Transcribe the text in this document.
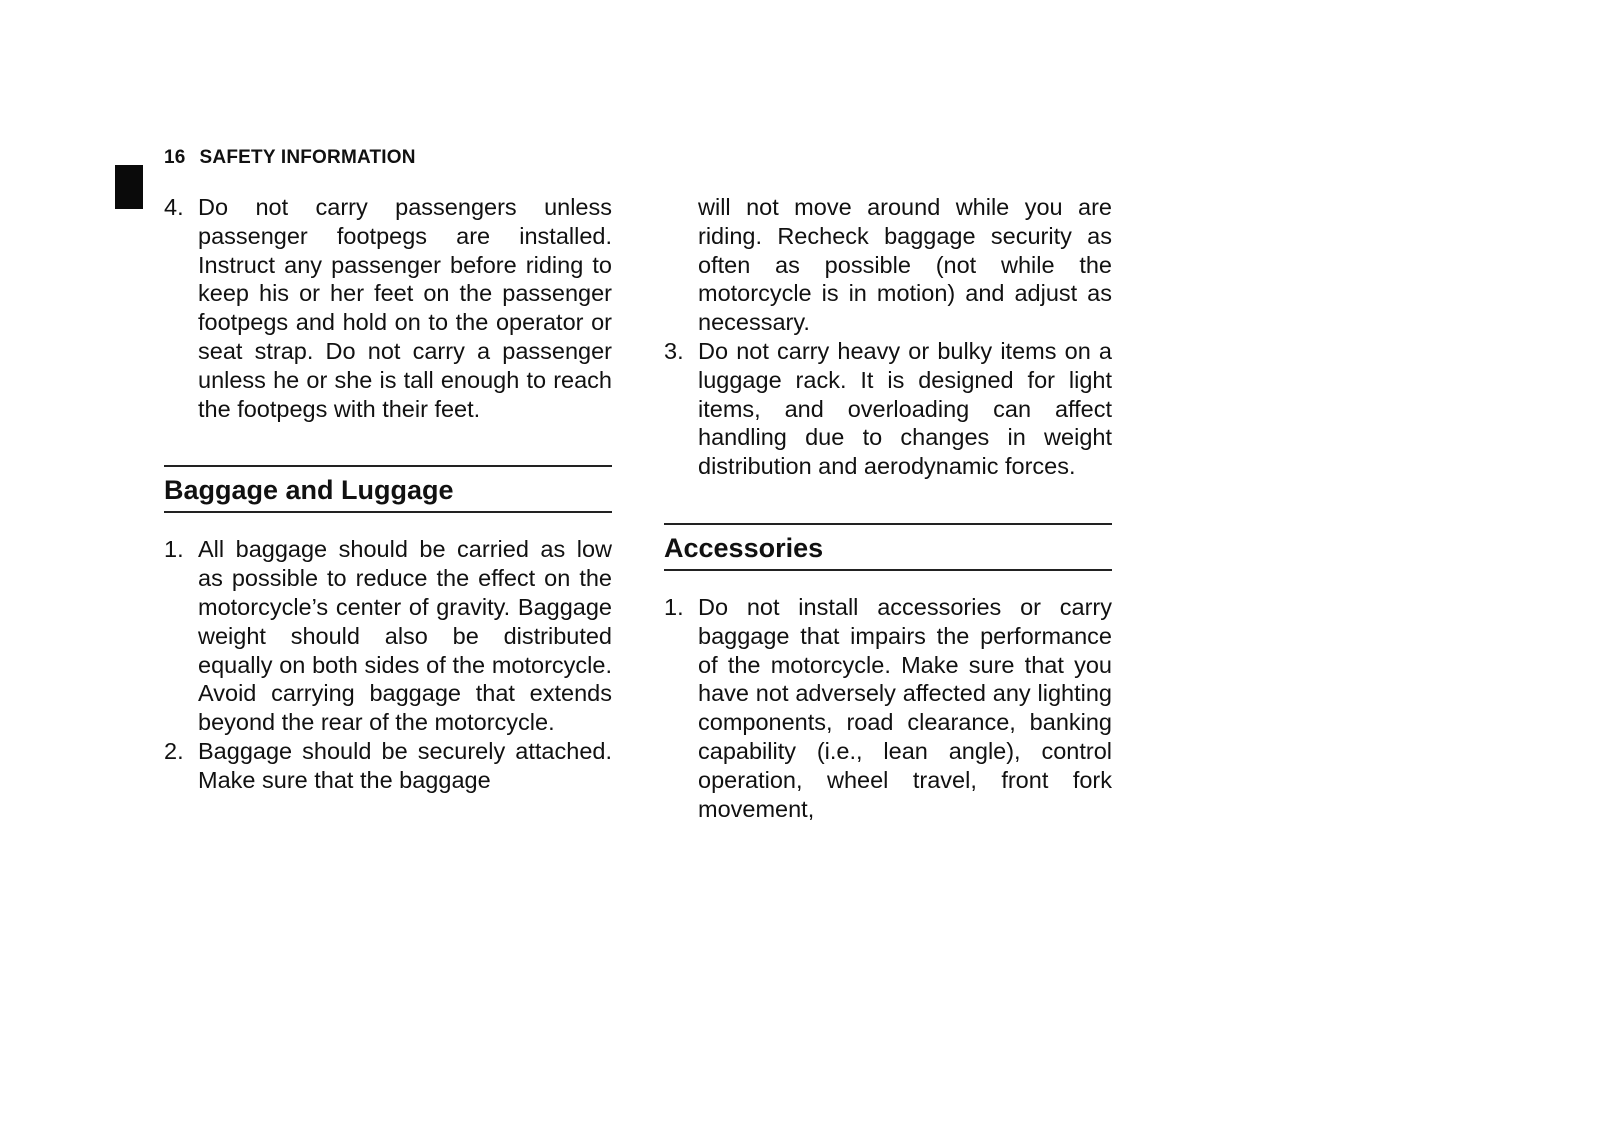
16 SAFETY INFORMATION

4. Do not carry passengers unless passenger footpegs are installed. Instruct any passenger before riding to keep his or her feet on the passenger footpegs and hold on to the operator or seat strap. Do not carry a passenger unless he or she is tall enough to reach the footpegs with their feet.

Baggage and Luggage

1. All baggage should be carried as low as possible to reduce the effect on the motorcycle’s center of gravity. Baggage weight should also be distributed equally on both sides of the motorcycle. Avoid carrying baggage that extends beyond the rear of the motorcycle.

2. Baggage should be securely attached. Make sure that the baggage

will not move around while you are riding. Recheck baggage security as often as possible (not while the motorcycle is in motion) and adjust as necessary.

3. Do not carry heavy or bulky items on a luggage rack. It is designed for light items, and overloading can affect handling due to changes in weight distribution and aerodynamic forces.

Accessories

1. Do not install accessories or carry baggage that impairs the performance of the motorcycle. Make sure that you have not adversely affected any lighting components, road clearance, banking capability (i.e., lean angle), control operation, wheel travel, front fork movement,
